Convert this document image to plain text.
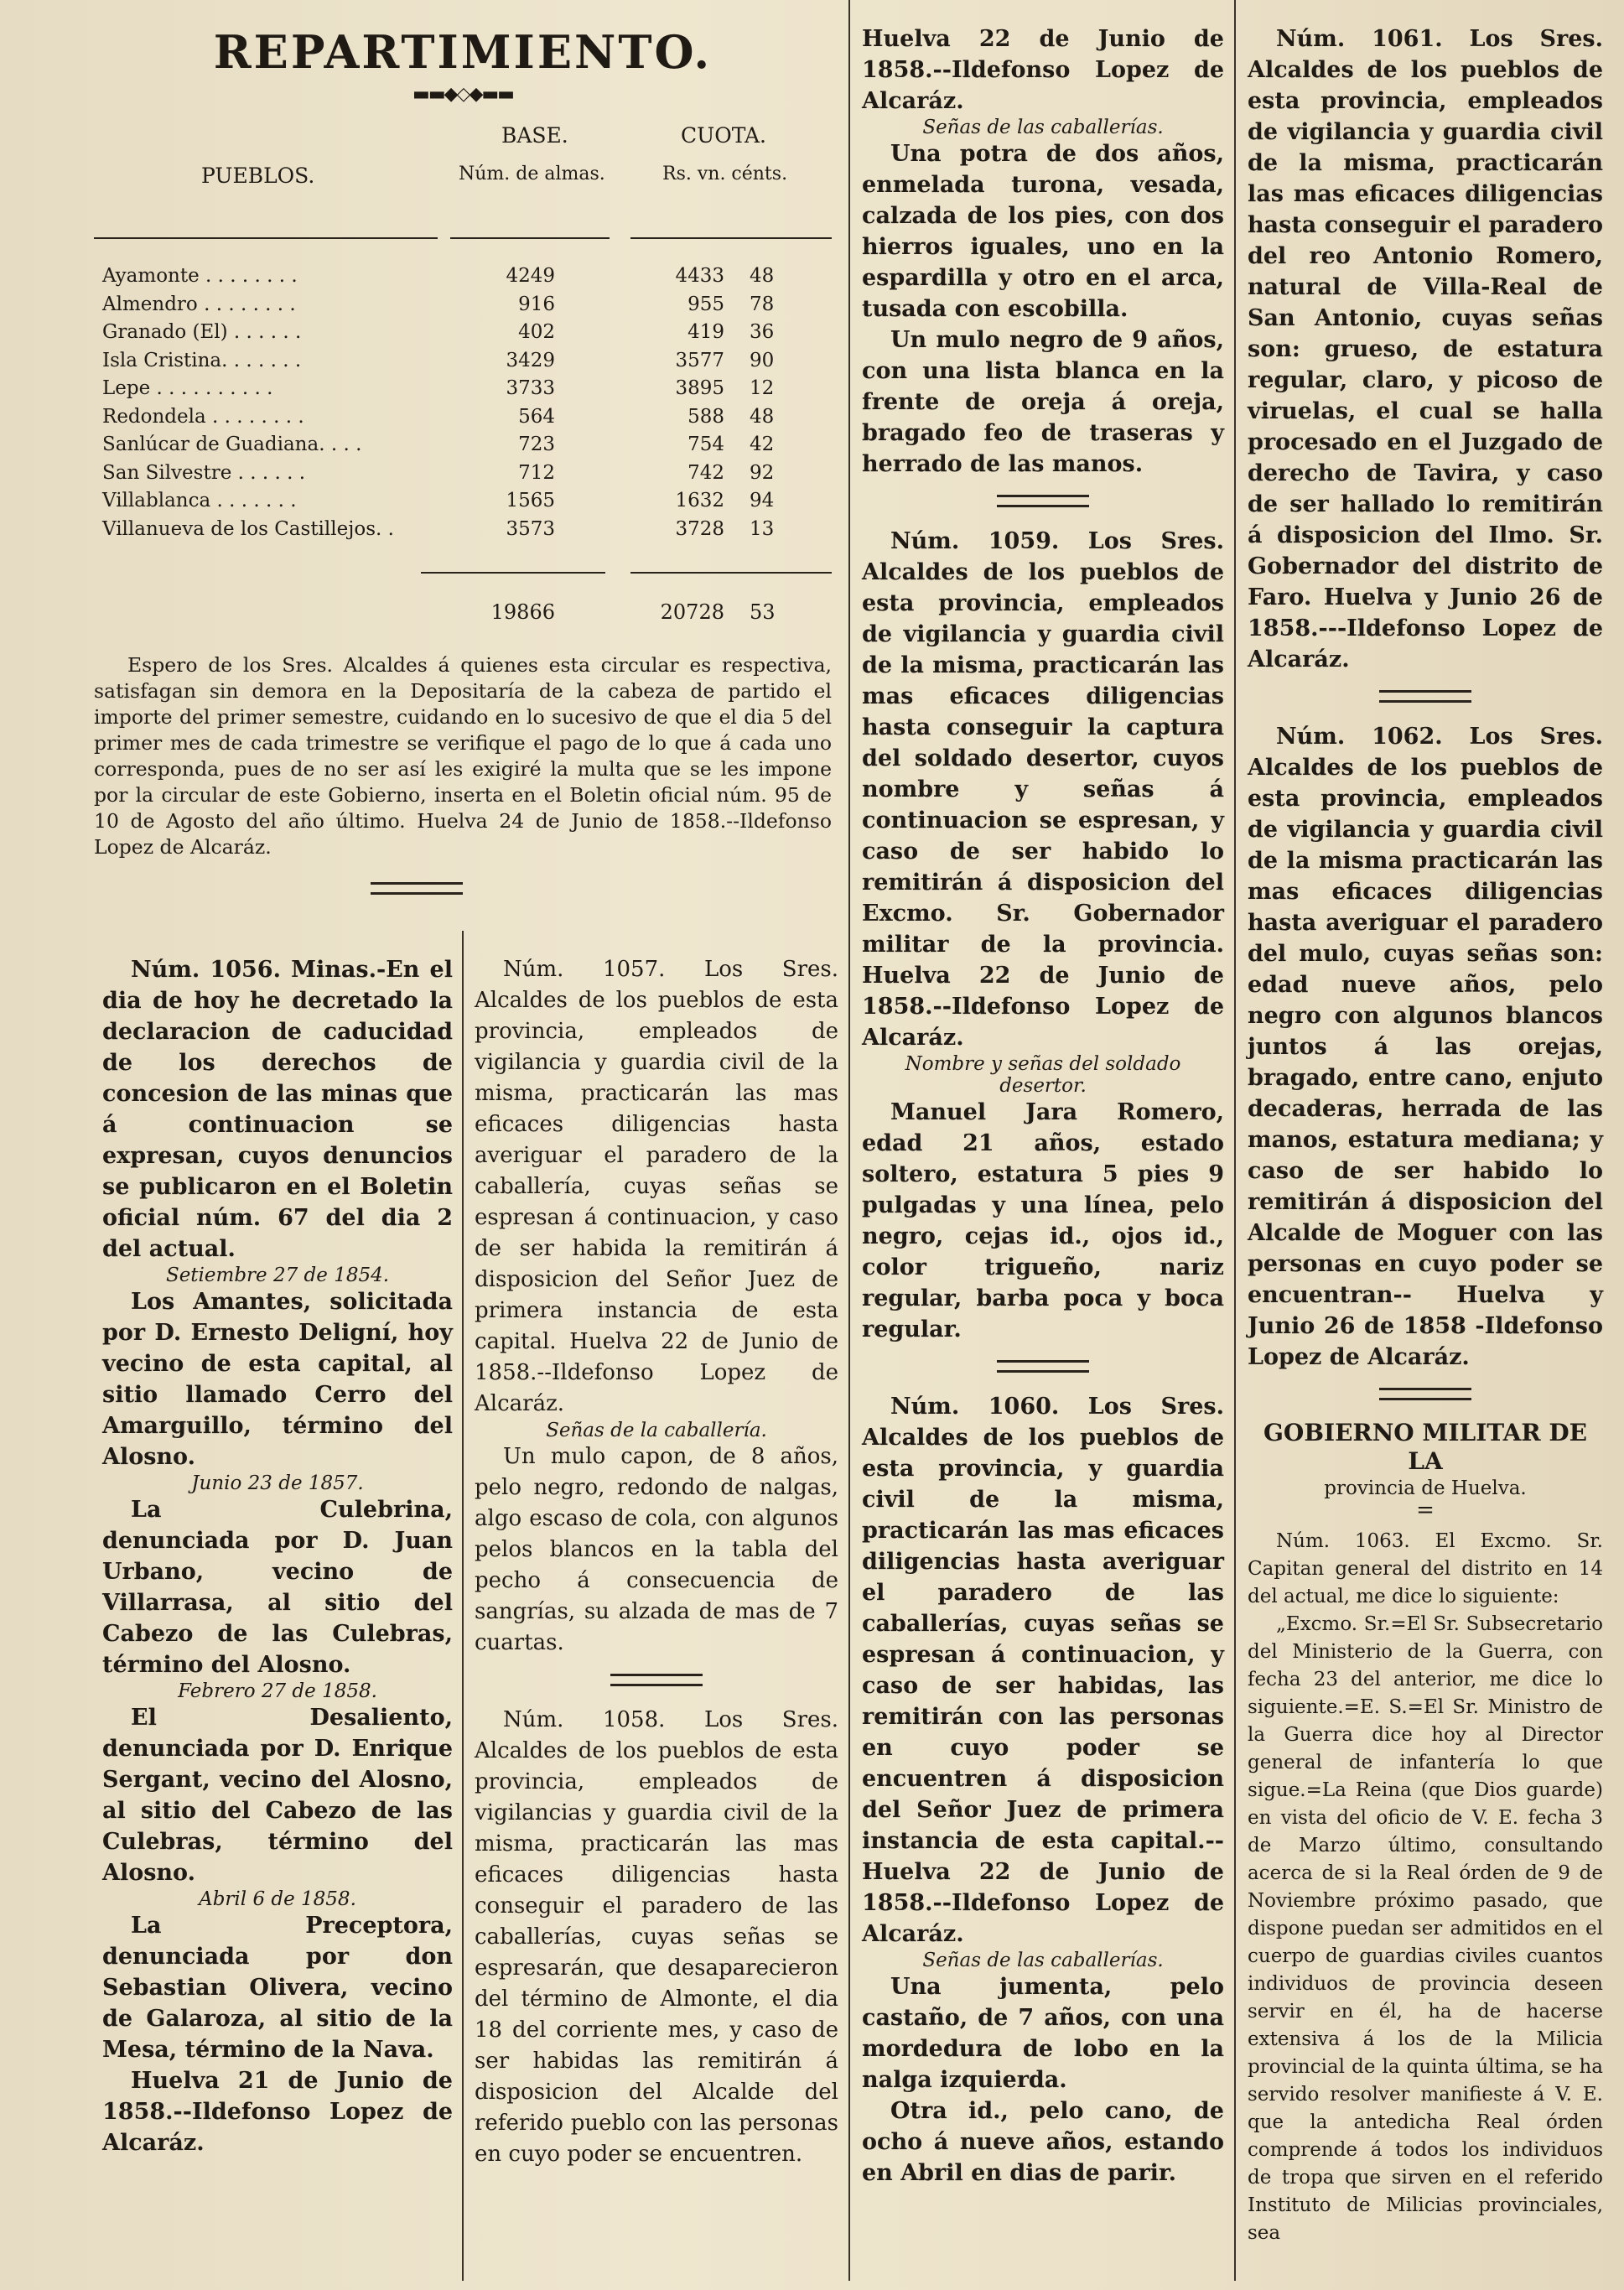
REPARTIMIENTO.
▬▬◆◇◆▬▬
BASE.	CUOTA.
PUEBLOS.	Núm. de almas.	Rs. vn. cénts.
Ayamonte . . . . . . . .	4249	4433 48
Almendro . . . . . . . .	916	955 78
Granado (El) . . . . . .	402	419 36
Isla Cristina. . . . . . .	3429	3577 90
Lepe . . . . . . . . . .	3733	3895 12
Redondela . . . . . . . .	564	588 48
Sanlúcar de Guadiana. . . .	723	754 42
San Silvestre . . . . . .	712	742 92
Villablanca . . . . . . .	1565	1632 94
Villanueva de los Castillejos. .	3573	3728 13
19866	20728 53

Espero de los Sres. Alcaldes á quienes esta circular es respectiva, satisfagan sin demora en la Depositaría de la cabeza de partido el importe del primer semestre, cuidando en lo sucesivo de que el dia 5 del primer mes de cada trimestre se verifique el pago de lo que á cada uno corresponda, pues de no ser así les exigiré la multa que se les impone por la circular de este Gobierno, inserta en el Boletin oficial núm. 95 de 10 de Agosto del año último. Huelva 24 de Junio de 1858.--Ildefonso Lopez de Alcaráz.

Núm. 1056. Minas.-En el dia de hoy he decretado la declaracion de caducidad de los derechos de concesion de las minas que á continuacion se expresan, cuyos denuncios se publicaron en el Boletin oficial núm. 67 del dia 2 del actual.

Setiembre 27 de 1854.

Los Amantes, solicitada por D. Ernesto Deligní, hoy vecino de esta capital, al sitio llamado Cerro del Amarguillo, término del Alosno.

Junio 23 de 1857.

La Culebrina, denunciada por D. Juan Urbano, vecino de Villarrasa, al sitio del Cabezo de las Culebras, término del Alosno.

Febrero 27 de 1858.

El Desaliento, denunciada por D. Enrique Sergant, vecino del Alosno, al sitio del Cabezo de las Culebras, término del Alosno.

Abril 6 de 1858.

La Preceptora, denunciada por don Sebastian Olivera, vecino de Galaroza, al sitio de la Mesa, término de la Nava.

Huelva 21 de Junio de 1858.--Ildefonso Lopez de Alcaráz.

Núm. 1057. Los Sres. Alcaldes de los pueblos de esta provincia, empleados de vigilancia y guardia civil de la misma, practicarán las mas eficaces diligencias hasta averiguar el paradero de la caballería, cuyas señas se espresan á continuacion, y caso de ser habida la remitirán á disposicion del Señor Juez de primera instancia de esta capital. Huelva 22 de Junio de 1858.--Ildefonso Lopez de Alcaráz.

Señas de la caballería.

Un mulo capon, de 8 años, pelo negro, redondo de nalgas, algo escaso de cola, con algunos pelos blancos en la tabla del pecho á consecuencia de sangrías, su alzada de mas de 7 cuartas.

Núm. 1058. Los Sres. Alcaldes de los pueblos de esta provincia, empleados de vigilancias y guardia civil de la misma, practicarán las mas eficaces diligencias hasta conseguir el paradero de las caballerías, cuyas señas se espresarán, que desaparecieron del término de Almonte, el dia 18 del corriente mes, y caso de ser habidas las remitirán á disposicion del Alcalde del referido pueblo con las personas en cuyo poder se encuentren.

Huelva 22 de Junio de 1858.--Ildefonso Lopez de Alcaráz.

Señas de las caballerías.

Una potra de dos años, enmelada turona, vesada, calzada de los pies, con dos hierros iguales, uno en la espardilla y otro en el arca, tusada con escobilla.

Un mulo negro de 9 años, con una lista blanca en la frente de oreja á oreja, bragado feo de traseras y herrado de las manos.

Núm. 1059. Los Sres. Alcaldes de los pueblos de esta provincia, empleados de vigilancia y guardia civil de la misma, practicarán las mas eficaces diligencias hasta conseguir la captura del soldado desertor, cuyos nombre y señas á continuacion se espresan, y caso de ser habido lo remitirán á disposicion del Excmo. Sr. Gobernador militar de la provincia. Huelva 22 de Junio de 1858.--Ildefonso Lopez de Alcaráz.

Nombre y señas del soldado desertor.

Manuel Jara Romero, edad 21 años, estado soltero, estatura 5 pies 9 pulgadas y una línea, pelo negro, cejas id., ojos id., color trigueño, nariz regular, barba poca y boca regular.

Núm. 1060. Los Sres. Alcaldes de los pueblos de esta provincia, y guardia civil de la misma, practicarán las mas eficaces diligencias hasta averiguar el paradero de las caballerías, cuyas señas se espresan á continuacion, y caso de ser habidas, las remitirán con las personas en cuyo poder se encuentren á disposicion del Señor Juez de primera instancia de esta capital.--Huelva 22 de Junio de 1858.--Ildefonso Lopez de Alcaráz.

Señas de las caballerías.

Una jumenta, pelo castaño, de 7 años, con una mordedura de lobo en la nalga izquierda.

Otra id., pelo cano, de ocho á nueve años, estando en Abril en dias de parir.

Núm. 1061. Los Sres. Alcaldes de los pueblos de esta provincia, empleados de vigilancia y guardia civil de la misma, practicarán las mas eficaces diligencias hasta conseguir el paradero del reo Antonio Romero, natural de Villa-Real de San Antonio, cuyas señas son: grueso, de estatura regular, claro, y picoso de viruelas, el cual se halla procesado en el Juzgado de derecho de Tavira, y caso de ser hallado lo remitirán á disposicion del Ilmo. Sr. Gobernador del distrito de Faro. Huelva y Junio 26 de 1858.---Ildefonso Lopez de Alcaráz.

Núm. 1062. Los Sres. Alcaldes de los pueblos de esta provincia, empleados de vigilancia y guardia civil de la misma practicarán las mas eficaces diligencias hasta averiguar el paradero del mulo, cuyas señas son: edad nueve años, pelo negro con algunos blancos juntos á las orejas, bragado, entre cano, enjuto decaderas, herrada de las manos, estatura mediana; y caso de ser habido lo remitirán á disposicion del Alcalde de Moguer con las personas en cuyo poder se encuentran-- Huelva y Junio 26 de 1858 -Ildefonso Lopez de Alcaráz.

GOBIERNO MILITAR DE LA

provincia de Huelva.

=

Núm. 1063. El Excmo. Sr. Capitan general del distrito en 14 del actual, me dice lo siguiente:

„Excmo. Sr.=El Sr. Subsecretario del Ministerio de la Guerra, con fecha 23 del anterior, me dice lo siguiente.=E. S.=El Sr. Ministro de la Guerra dice hoy al Director general de infantería lo que sigue.=La Reina (que Dios guarde) en vista del oficio de V. E. fecha 3 de Marzo último, consultando acerca de si la Real órden de 9 de Noviembre próximo pasado, que dispone puedan ser admitidos en el cuerpo de guardias civiles cuantos individuos de provincia deseen servir en él, ha de hacerse extensiva á los de la Milicia provincial de la quinta última, se ha servido resolver manifieste á V. E. que la antedicha Real órden comprende á todos los individuos de tropa que sirven en el referido Instituto de Milicias provinciales, sea
